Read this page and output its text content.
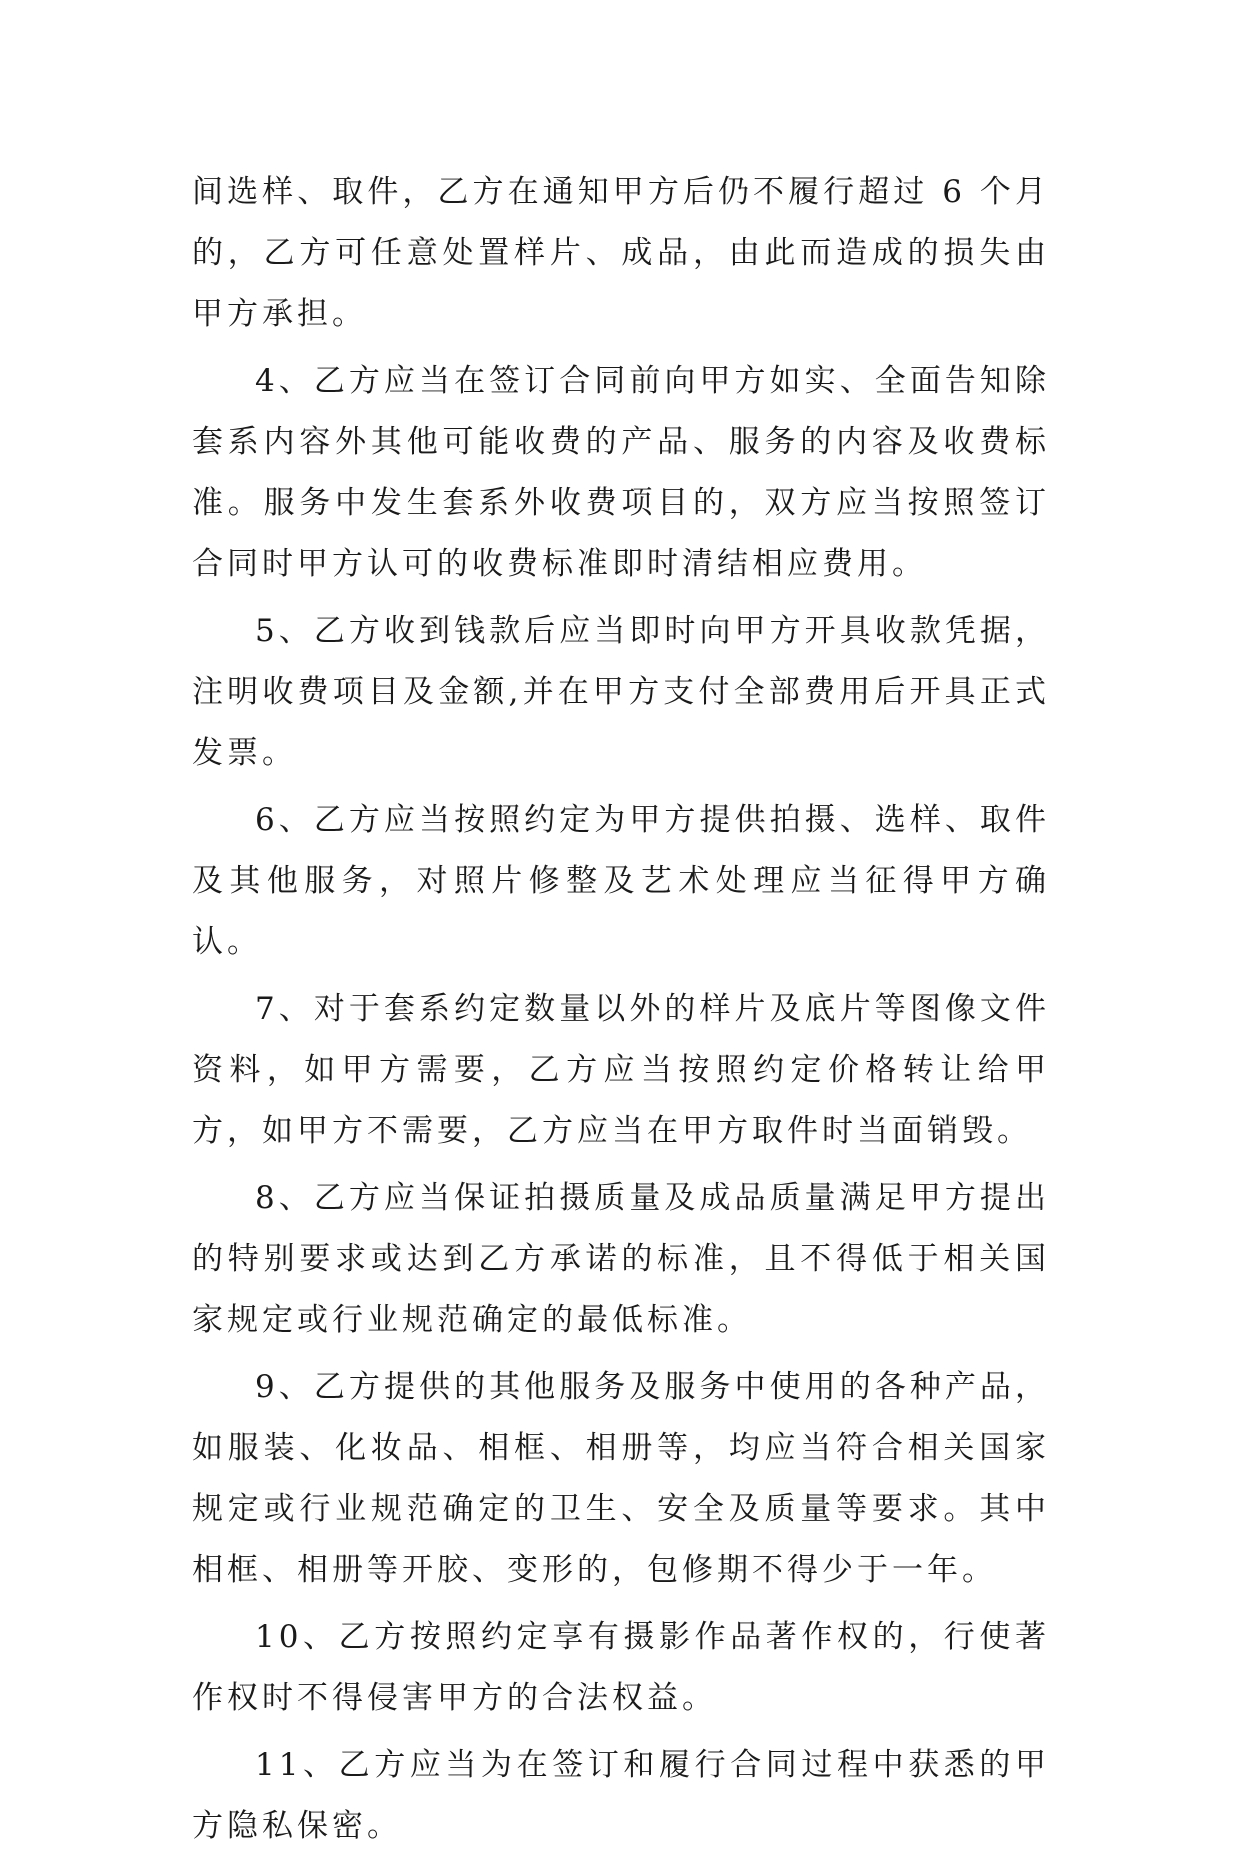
间选样、取件，乙方在通知甲方后仍不履行超过 6 个月的，乙方可任意处置样片、成品，由此而造成的损失由甲方承担。

4、乙方应当在签订合同前向甲方如实、全面告知除套系内容外其他可能收费的产品、服务的内容及收费标准。服务中发生套系外收费项目的，双方应当按照签订合同时甲方认可的收费标准即时清结相应费用。

5、乙方收到钱款后应当即时向甲方开具收款凭据，注明收费项目及金额,并在甲方支付全部费用后开具正式发票。

6、乙方应当按照约定为甲方提供拍摄、选样、取件及其他服务，对照片修整及艺术处理应当征得甲方确认。

7、对于套系约定数量以外的样片及底片等图像文件资料，如甲方需要，乙方应当按照约定价格转让给甲方，如甲方不需要，乙方应当在甲方取件时当面销毁。

8、乙方应当保证拍摄质量及成品质量满足甲方提出的特别要求或达到乙方承诺的标准，且不得低于相关国家规定或行业规范确定的最低标准。

9、乙方提供的其他服务及服务中使用的各种产品，如服装、化妆品、相框、相册等，均应当符合相关国家规定或行业规范确定的卫生、安全及质量等要求。其中相框、相册等开胶、变形的，包修期不得少于一年。

10、乙方按照约定享有摄影作品著作权的，行使著作权时不得侵害甲方的合法权益。

11、乙方应当为在签订和履行合同过程中获悉的甲方隐私保密。
